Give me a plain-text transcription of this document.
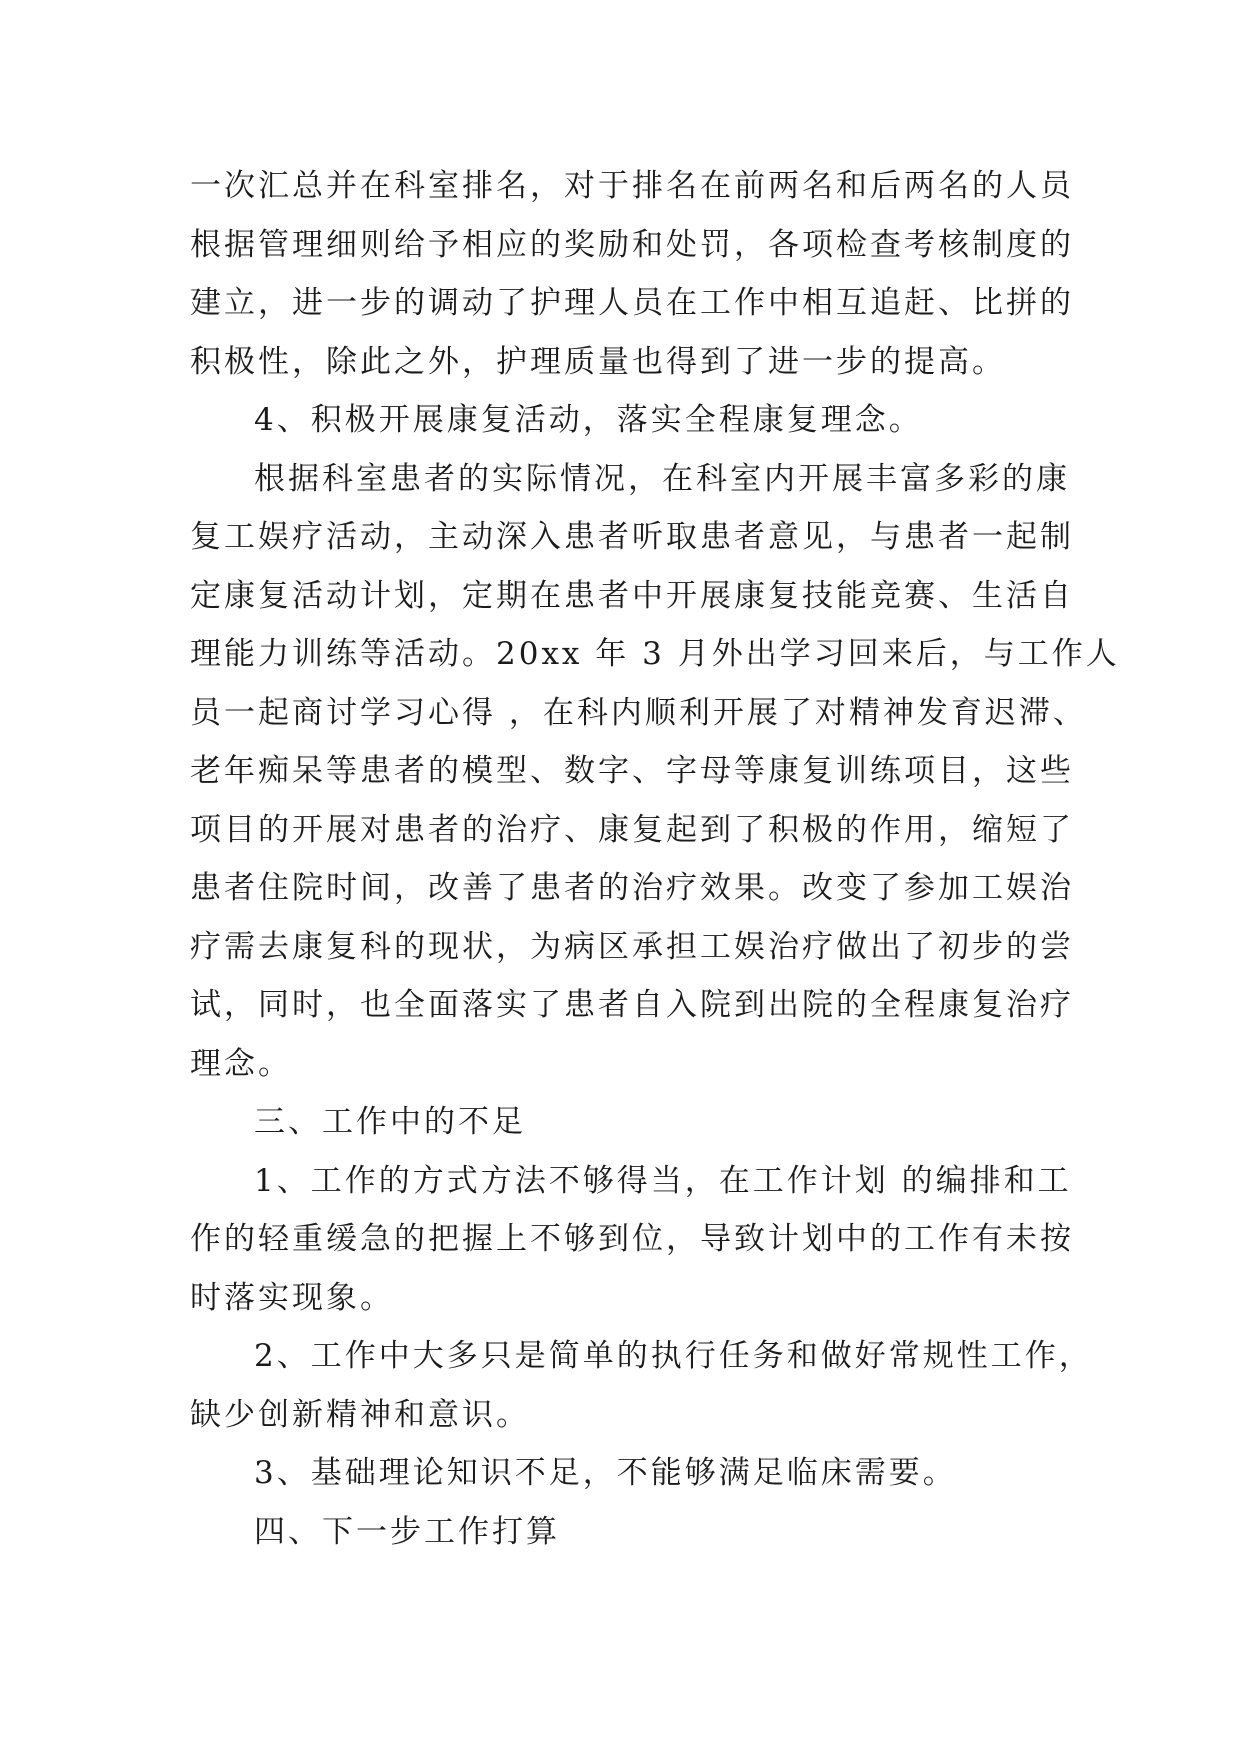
一次汇总并在科室排名，对于排名在前两名和后两名的人员
根据管理细则给予相应的奖励和处罚，各项检查考核制度的
建立，进一步的调动了护理人员在工作中相互追赶、比拼的
积极性，除此之外，护理质量也得到了进一步的提高。
4、积极开展康复活动，落实全程康复理念。
根据科室患者的实际情况，在科室内开展丰富多彩的康
复工娱疗活动，主动深入患者听取患者意见，与患者一起制
定康复活动计划，定期在患者中开展康复技能竞赛、生活自
理能力训练等活动。20xx 年 3 月外出学习回来后，与工作人
员一起商讨学习心得 ，在科内顺利开展了对精神发育迟滞、
老年痴呆等患者的模型、数字、字母等康复训练项目，这些
项目的开展对患者的治疗、康复起到了积极的作用，缩短了
患者住院时间，改善了患者的治疗效果。改变了参加工娱治
疗需去康复科的现状，为病区承担工娱治疗做出了初步的尝
试，同时，也全面落实了患者自入院到出院的全程康复治疗
理念。
三、工作中的不足
1、工作的方式方法不够得当，在工作计划 的编排和工
作的轻重缓急的把握上不够到位，导致计划中的工作有未按
时落实现象。
2、工作中大多只是简单的执行任务和做好常规性工作，
缺少创新精神和意识。
3、基础理论知识不足，不能够满足临床需要。
四、下一步工作打算
